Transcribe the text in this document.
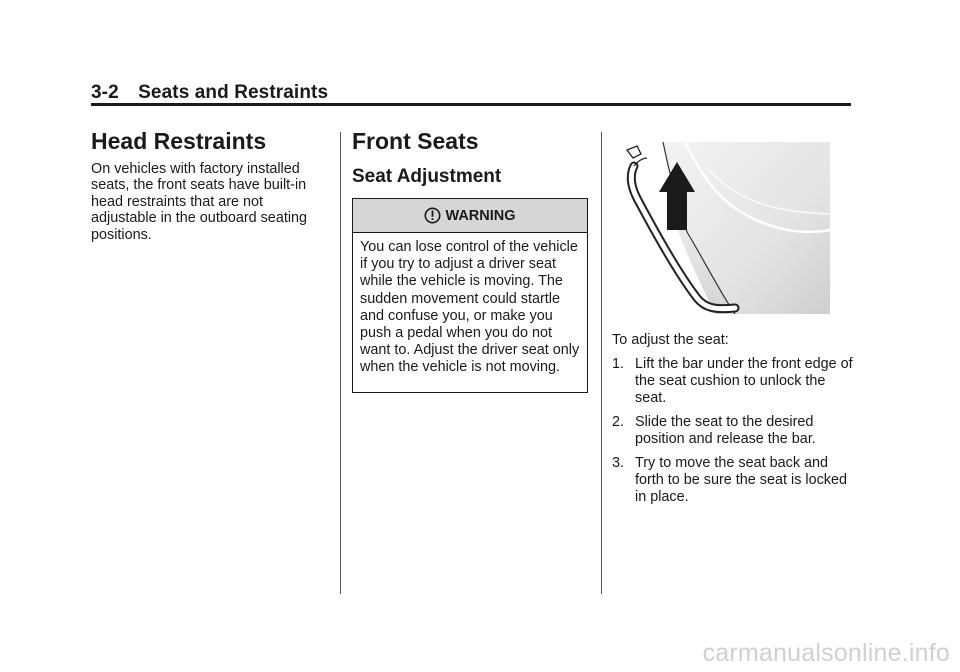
3-2 Seats and Restraints
Head Restraints

On vehicles with factory installed seats, the front seats have built-in head restraints that are not adjustable in the outboard seating positions.

Front Seats
Seat Adjustment
WARNING
You can lose control of the vehicle if you try to adjust a driver seat while the vehicle is moving. The sudden movement could startle and confuse you, or make you push a pedal when you do not want to. Adjust the driver seat only when the vehicle is not moving.
To adjust the seat:
1. Lift the bar under the front edge of the seat cushion to unlock the seat.
2. Slide the seat to the desired position and release the bar.
3. Try to move the seat back and forth to be sure the seat is locked in place.
carmanualsonline.info
